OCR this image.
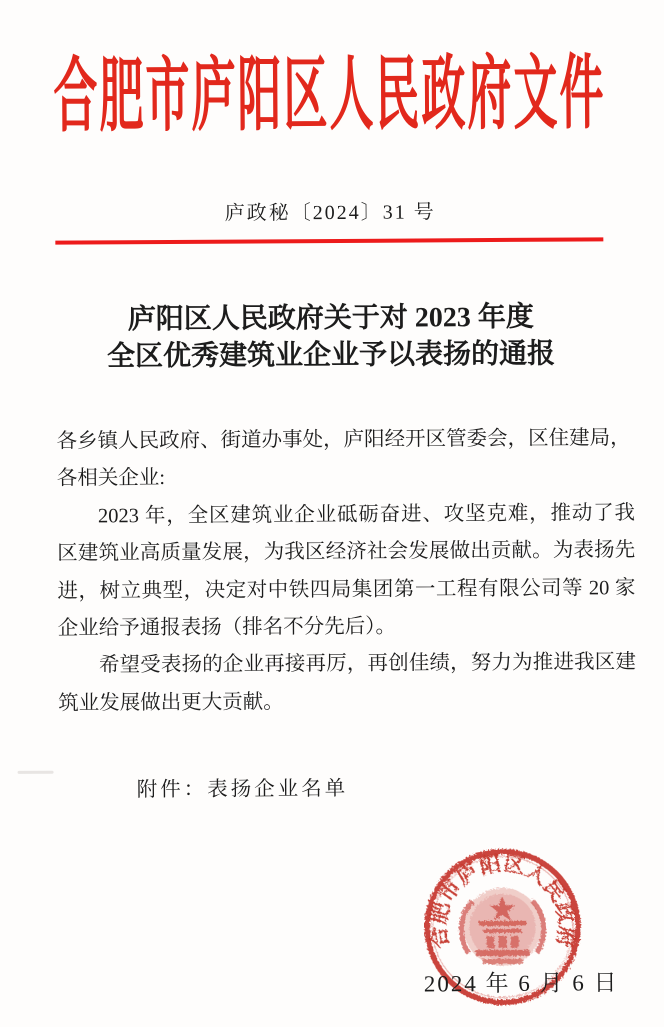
合肥市庐阳区人民政府文件
庐政秘〔2024〕31 号
庐阳区人民政府关于对 2023 年度
全区优秀建筑业企业予以表扬的通报
各乡镇人民政府、街道办事处，庐阳经开区管委会，区住建局，
各相关企业:
2023 年，全区建筑业企业砥砺奋进、攻坚克难，推动了我区建筑业高质量发展，为我区经济社会发展做出贡献。为表扬先进，树立典型，决定对中铁四局集团第一工程有限公司等 20 家企业给予通报表扬（排名不分先后）。
希望受表扬的企业再接再厉，再创佳绩，努力为推进我区建筑业发展做出更大贡献。
附件：表扬企业名单
合肥市庐阳区人民政府
2024 年 6 月 6 日
